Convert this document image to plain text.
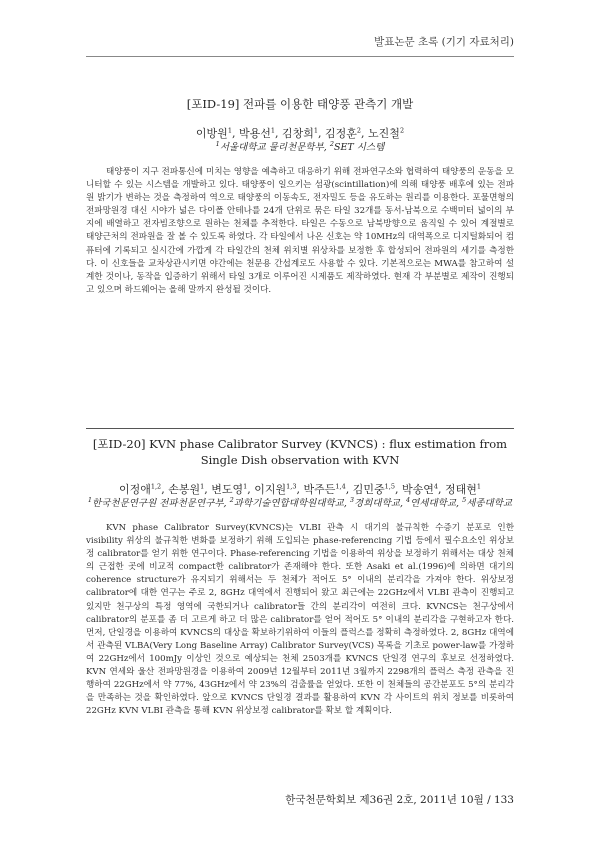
발표논문 초록 (기기 자료처리)
[포ID-19] 전파를 이용한 태양풍 관측기 개발
이방원$^1$, 박용선$^1$, 김창희$^1$, 김정훈$^2$, 노진철$^2$
$^1$서울대학교 물리천문학부, $^2$SET 시스템

태양풍이 지구 전파통신에 미치는 영향을 예측하고 대응하기 위해 전파연구소와 협력하여 태양풍의 운동을 모니터할 수 있는 시스템을 개발하고 있다. 태양풍이 일으키는 섬광(scintillation)에 의해 태양풍 배후에 있는 전파원 밝기가 변하는 것을 측정하여 역으로 태양풍의 이동속도, 전자밀도 등을 유도하는 원리를 이용한다. 포물면형의 전파망원경 대신 시야가 넓은 다이폴 안테나를 24개 단위로 묶은 타일 32개를 동서-남북으로 수백미터 넓이의 부지에 배열하고 전자빔조향으로 원하는 천체를 추적한다. 타일은 수동으로 남북방향으로 움직일 수 있어 계절별로 태양근처의 전파원을 잘 볼 수 있도록 하였다. 각 타일에서 나온 신호는 약 10MHz의 대역폭으로 디지털화되어 컴퓨터에 기록되고 실시간에 가깝게 각 타일간의 천체 위치별 위상차를 보정한 후 합성되어 전파원의 세기를 측정한다. 이 신호들을 교차상관시키면 야간에는 천문용 간섭계로도 사용할 수 있다. 기본적으로는 MWA를 참고하여 설계한 것이나, 동작을 입증하기 위해서 타일 3개로 이루어진 시제품도 제작하였다. 현재 각 부분별로 제작이 진행되고 있으며 하드웨어는 올해 말까지 완성될 것이다.

[포ID-20] KVN phase Calibrator Survey (KVNCS) : flux estimation from Single Dish observation with KVN
이정애$^{1,2}$, 손봉원$^1$, 변도영$^1$, 이지원$^{1,3}$, 박주든$^{1,4}$, 김민중$^{1,5}$, 박송연$^4$, 정태현$^1$
$^1$한국천문연구원 전파천문연구부, $^2$과학기술연합대학원대학교, $^3$경희대학교, $^4$연세대학교, $^5$세종대학교

KVN phase Calibrator Survey(KVNCS)는 VLBI 관측 시 대기의 불규칙한 수증기 분포로 인한 visibility 위상의 불규칙한 변화를 보정하기 위해 도입되는 phase-referencing 기법 등에서 필수요소인 위상보정 calibrator를 얻기 위한 연구이다. Phase-referencing 기법을 이용하여 위상을 보정하기 위해서는 대상 천체의 근접한 곳에 비교적 compact한 calibrator가 존재해야 한다. 또한 Asaki et al.(1996)에 의하면 대기의 coherence structure가 유지되기 위해서는 두 천체가 적어도 5° 이내의 분리각을 가져야 한다. 위상보정 calibrator에 대한 연구는 주로 2, 8GHz 대역에서 진행되어 왔고 최근에는 22GHz에서 VLBI 관측이 진행되고 있지만 천구상의 특정 영역에 국한되거나 calibrator들 간의 분리각이 여전히 크다. KVNCS는 천구상에서 calibrator의 분포를 좀 더 고르게 하고 더 많은 calibrator를 얻어 적어도 5° 이내의 분리각을 구현하고자 한다. 먼저, 단일경을 이용하여 KVNCS의 대상을 확보하기위하여 이들의 플럭스를 정확히 측정하였다. 2, 8GHz 대역에서 관측된 VLBA(Very Long Baseline Array) Calibrator Survey(VCS) 목록을 기초로 power-law를 가정하여 22GHz에서 100mJy 이상인 것으로 예상되는 천체 2503개를 KVNCS 단일경 연구의 후보로 선정하였다. KVN 연세와 울산 전파망원경을 이용하여 2009년 12월부터 2011년 3월까지 2298개의 플럭스 측정 관측을 진행하여 22GHz에서 약 77%, 43GHz에서 약 23%의 검출률을 얻었다. 또한 이 천체들의 공간분포도 5°의 분리각을 만족하는 것을 확인하였다. 앞으로 KVNCS 단일경 결과를 활용하여 KVN 각 사이트의 위치 정보를 비롯하여 22GHz KVN VLBI 관측을 통해 KVN 위상보정 calibrator를 확보 할 계획이다.

한국천문학회보 제36권 2호, 2011년 10월 / 133
